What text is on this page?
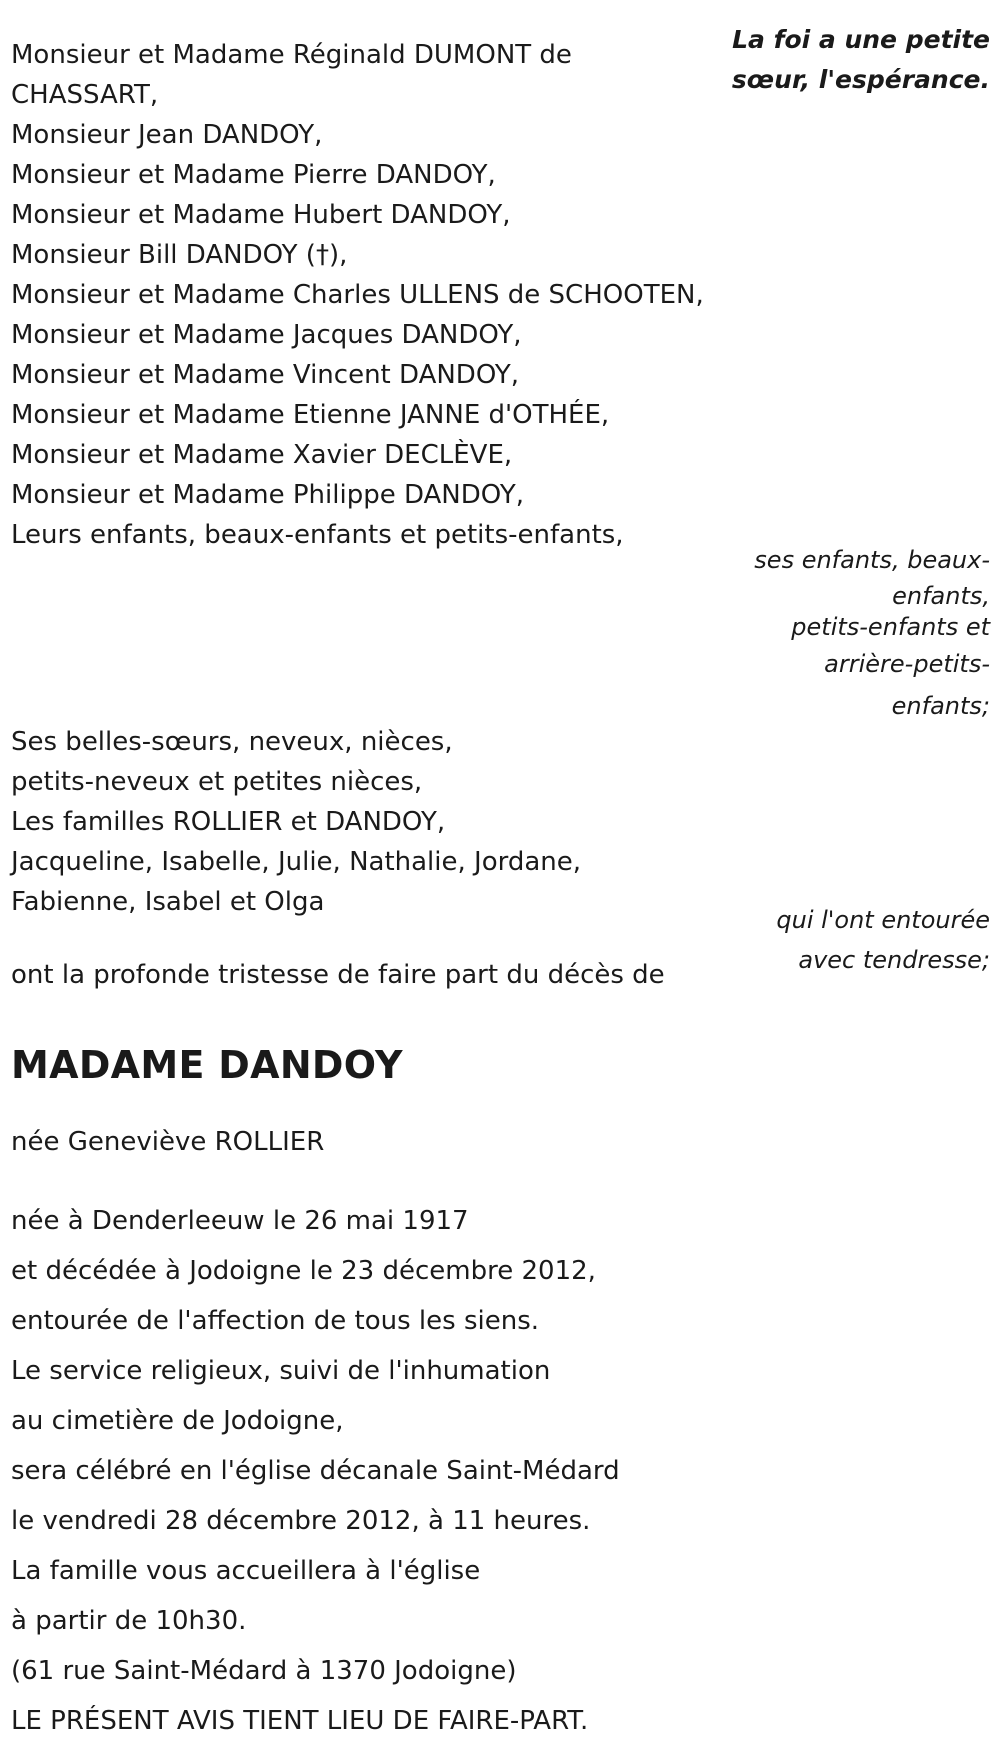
La foi a une petite
sœur, l'espérance.

Monsieur et Madame Réginald DUMONT de
CHASSART,
Monsieur Jean DANDOY,
Monsieur et Madame Pierre DANDOY,
Monsieur et Madame Hubert DANDOY,
Monsieur Bill DANDOY (†),
Monsieur et Madame Charles ULLENS de SCHOOTEN,
Monsieur et Madame Jacques DANDOY,
Monsieur et Madame Vincent DANDOY,
Monsieur et Madame Etienne JANNE d'OTHÉE,
Monsieur et Madame Xavier DECLÈVE,
Monsieur et Madame Philippe DANDOY,
Leurs enfants, beaux-enfants et petits-enfants,

ses enfants, beaux-
enfants,
petits-enfants et
arrière-petits-
enfants;

Ses belles-sœurs, neveux, nièces,
petits-neveux et petites nièces,
Les familles ROLLIER et DANDOY,
Jacqueline, Isabelle, Julie, Nathalie, Jordane,
Fabienne, Isabel et Olga

qui l'ont entourée
avec tendresse;

ont la profonde tristesse de faire part du décès de

MADAME DANDOY

née Geneviève ROLLIER

née à Denderleeuw le 26 mai 1917
et décédée à Jodoigne le 23 décembre 2012,
entourée de l'affection de tous les siens.
Le service religieux, suivi de l'inhumation
au cimetière de Jodoigne,
sera célébré en l'église décanale Saint-Médard
le vendredi 28 décembre 2012, à 11 heures.
La famille vous accueillera à l'église
à partir de 10h30.
(61 rue Saint-Médard à 1370 Jodoigne)
LE PRÉSENT AVIS TIENT LIEU DE FAIRE-PART.
